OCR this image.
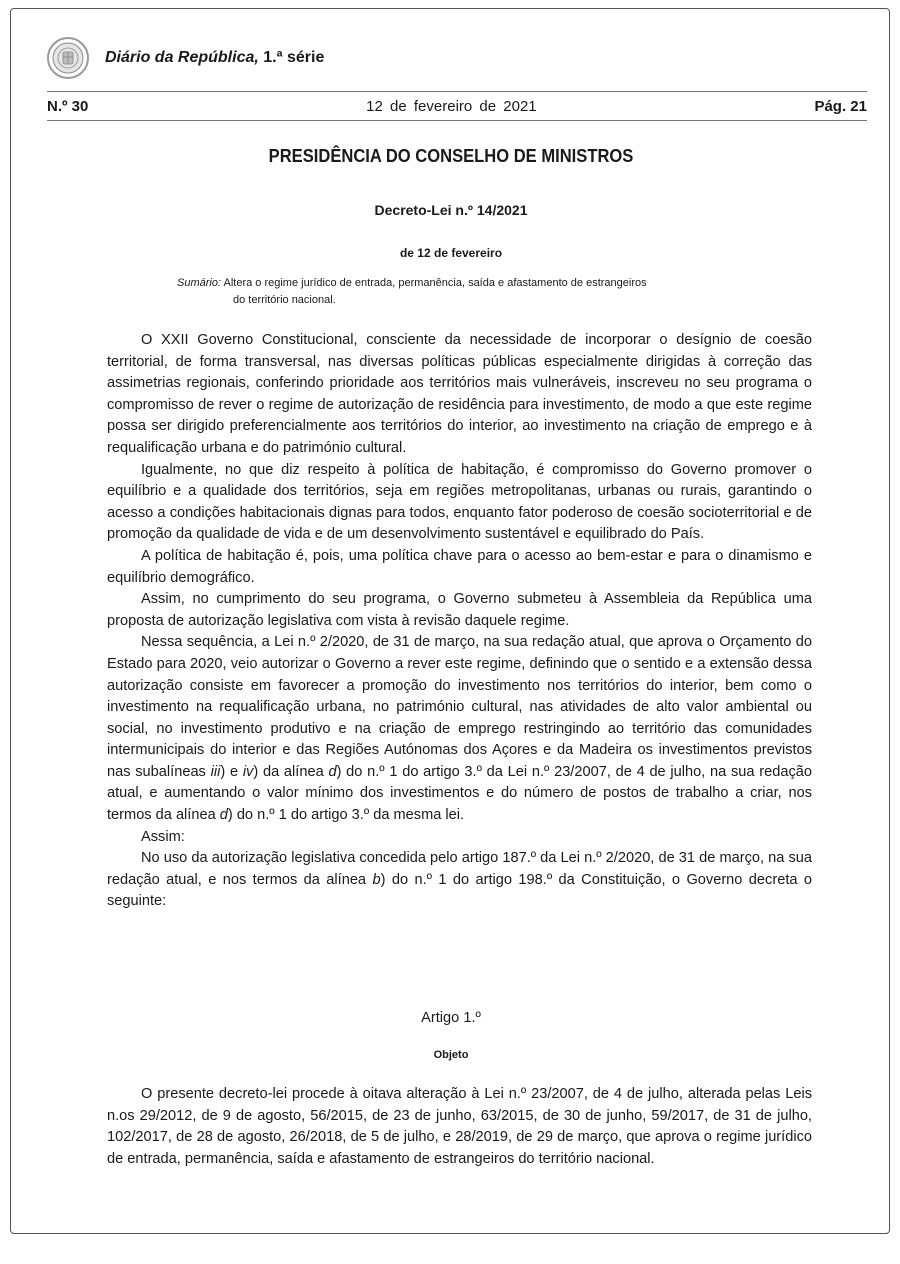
Diário da República, 1.ª série
N.º 30	12 de fevereiro de 2021	Pág. 21
PRESIDÊNCIA DO CONSELHO DE MINISTROS
Decreto-Lei n.º 14/2021
de 12 de fevereiro
Sumário: Altera o regime jurídico de entrada, permanência, saída e afastamento de estrangeiros
do território nacional.

O XXII Governo Constitucional, consciente da necessidade de incorporar o desígnio de coesão territorial, de forma transversal, nas diversas políticas públicas especialmente dirigidas à correção das assimetrias regionais, conferindo prioridade aos territórios mais vulneráveis, inscreveu no seu programa o compromisso de rever o regime de autorização de residência para investimento, de modo a que este regime possa ser dirigido preferencialmente aos territórios do interior, ao investimento na criação de emprego e à requalificação urbana e do património cultural.

Igualmente, no que diz respeito à política de habitação, é compromisso do Governo promover o equilíbrio e a qualidade dos territórios, seja em regiões metropolitanas, urbanas ou rurais, garantindo o acesso a condições habitacionais dignas para todos, enquanto fator poderoso de coesão socioterritorial e de promoção da qualidade de vida e de um desenvolvimento sustentável e equilibrado do País.

A política de habitação é, pois, uma política chave para o acesso ao bem-estar e para o dinamismo e equilíbrio demográfico.

Assim, no cumprimento do seu programa, o Governo submeteu à Assembleia da República uma proposta de autorização legislativa com vista à revisão daquele regime.

Nessa sequência, a Lei n.º 2/2020, de 31 de março, na sua redação atual, que aprova o Orçamento do Estado para 2020, veio autorizar o Governo a rever este regime, definindo que o sentido e a extensão dessa autorização consiste em favorecer a promoção do investimento nos territórios do interior, bem como o investimento na requalificação urbana, no património cultural, nas atividades de alto valor ambiental ou social, no investimento produtivo e na criação de emprego restringindo ao território das comunidades intermunicipais do interior e das Regiões Autónomas dos Açores e da Madeira os investimentos previstos nas subalíneas iii) e iv) da alínea d) do n.º 1 do artigo 3.º da Lei n.º 23/2007, de 4 de julho, na sua redação atual, e aumentando o valor mínimo dos investimentos e do número de postos de trabalho a criar, nos termos da alínea d) do n.º 1 do artigo 3.º da mesma lei.

Assim:

No uso da autorização legislativa concedida pelo artigo 187.º da Lei n.º 2/2020, de 31 de março, na sua redação atual, e nos termos da alínea b) do n.º 1 do artigo 198.º da Constituição, o Governo decreta o seguinte:

Artigo 1.º
Objeto

O presente decreto-lei procede à oitava alteração à Lei n.º 23/2007, de 4 de julho, alterada pelas Leis n.os 29/2012, de 9 de agosto, 56/2015, de 23 de junho, 63/2015, de 30 de junho, 59/2017, de 31 de julho, 102/2017, de 28 de agosto, 26/2018, de 5 de julho, e 28/2019, de 29 de março, que aprova o regime jurídico de entrada, permanência, saída e afastamento de estrangeiros do território nacional.
